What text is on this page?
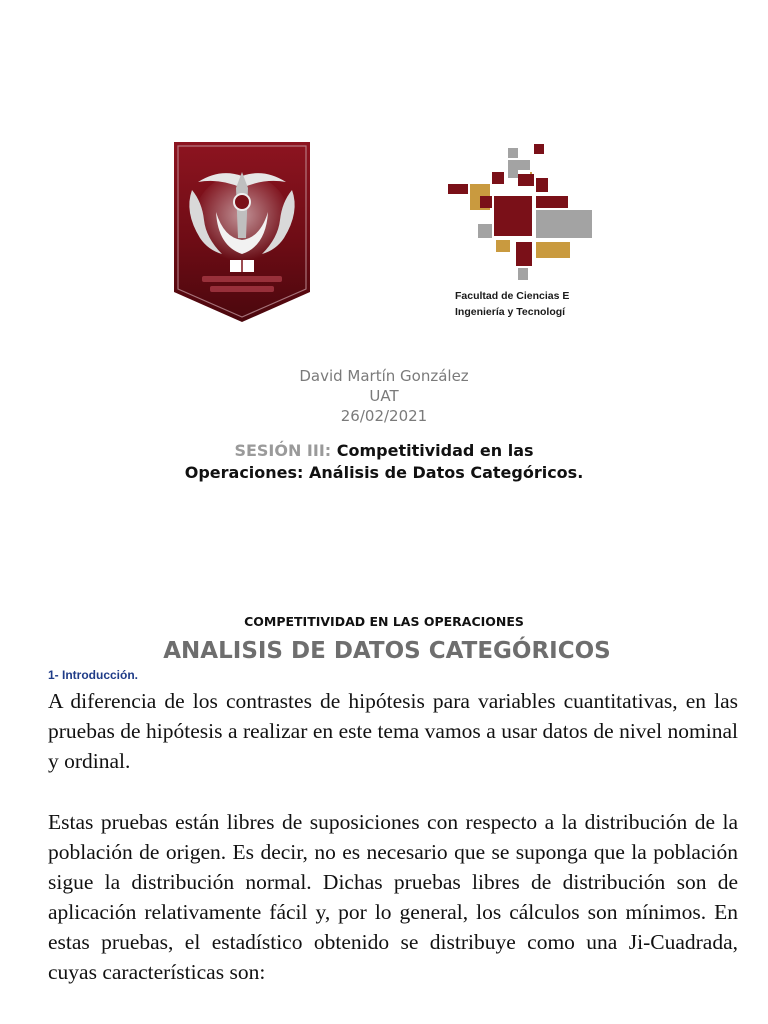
Facultad de Ciencias E
Ingeniería y Tecnologí
David Martín González
UAT
26/02/2021
SESIÓN III: Competitividad en las
Operaciones: Análisis de Datos Categóricos.
COMPETITIVIDAD EN LAS OPERACIONES
ANALISIS DE DATOS CATEGÓRICOS
1- Introducción.

A diferencia de los contrastes de hipótesis para variables cuantitativas, en las pruebas de hipótesis a realizar en este tema vamos a usar datos de nivel nominal y ordinal.

Estas pruebas están libres de suposiciones con respecto a la distribución de la población de origen. Es decir, no es necesario que se suponga que la población sigue la distribución normal. Dichas pruebas libres de distribución son de aplicación relativamente fácil y, por lo general, los cálculos son mínimos. En estas pruebas, el estadístico obtenido se distribuye como una Ji-Cuadrada, cuyas características son:
